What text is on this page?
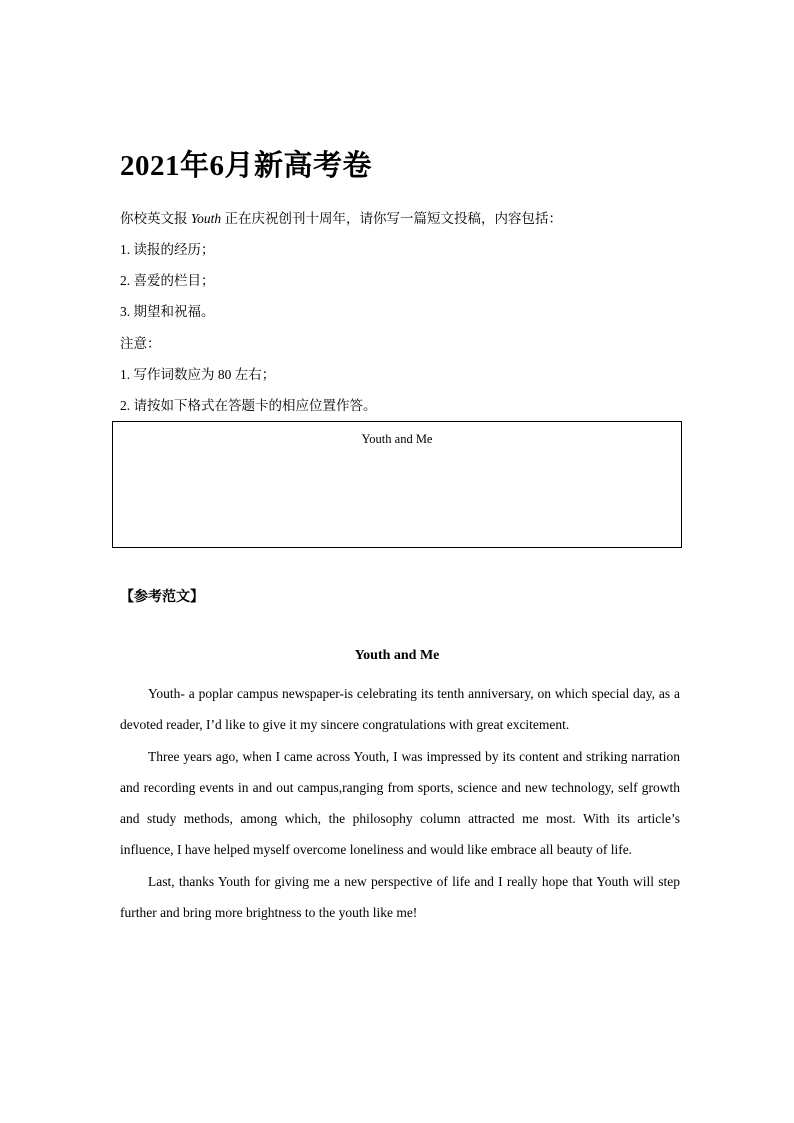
2021年6月新高考卷
你校英文报 Youth 正在庆祝创刊十周年，请你写一篇短文投稿，内容包括：
1. 读报的经历；
2. 喜爱的栏目；
3. 期望和祝福。
注意：
1. 写作词数应为 80 左右；
2. 请按如下格式在答题卡的相应位置作答。
Youth and Me
【参考范文】
Youth and Me

Youth- a poplar campus newspaper-is celebrating its tenth anniversary, on which special day, as a devoted reader, I’d like to give it my sincere congratulations with great excitement.

Three years ago, when I came across Youth, I was impressed by its content and striking narration and recording events in and out campus,ranging from sports, science and new technology, self growth and study methods, among which, the philosophy column attracted me most. With its article’s influence, I have helped myself overcome loneliness and would like embrace all beauty of life.

Last, thanks Youth for giving me a new perspective of life and I really hope that Youth will step further and bring more brightness to the youth like me!
